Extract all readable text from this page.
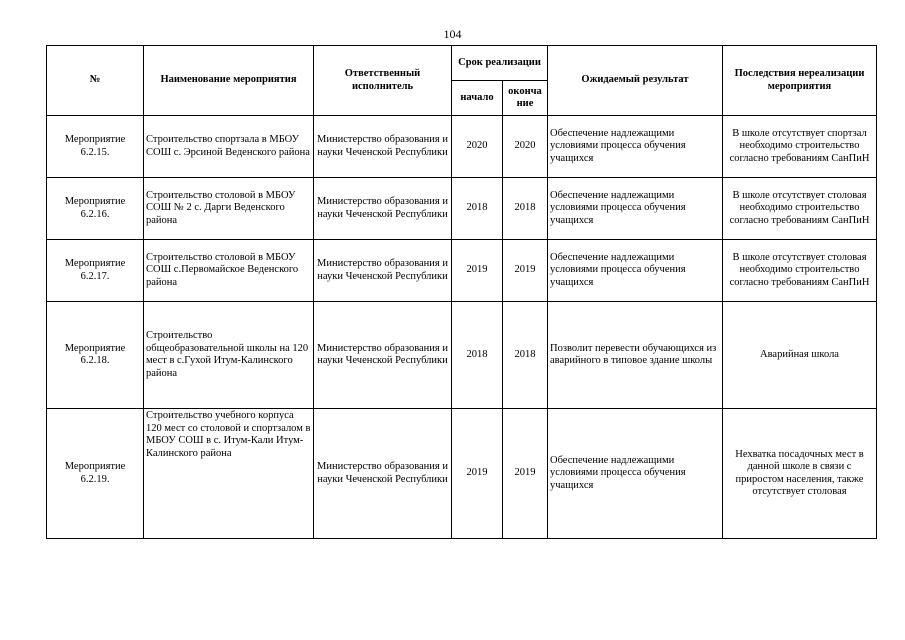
104
№	Наименование мероприятия	Ответственный исполнитель	Срок реализации		Ожидаемый результат	Последствия нереализации мероприятия
			начало	оконча ние		
Мероприятие 6.2.15.	Строительство спортзала в МБОУ СОШ с. Эрсиной Веденского района	Министерство образования и науки Чеченской Республики	2020	2020	Обеспечение надлежащими условиями процесса обучения учащихся	В школе отсутствует спортзал необходимо строительство согласно требованиям СанПиН
Мероприятие 6.2.16.	Строительство столовой в МБОУ СОШ № 2 с. Дарги Веденского района	Министерство образования и науки Чеченской Республики	2018	2018	Обеспечение надлежащими условиями процесса обучения учащихся	В школе отсутствует столовая необходимо строительство согласно требованиям СанПиН
Мероприятие 6.2.17.	Строительство столовой в МБОУ СОШ с.Первомайское Веденского района	Министерство образования и науки Чеченской Республики	2019	2019	Обеспечение надлежащими условиями процесса обучения учащихся	В школе отсутствует столовая необходимо строительство согласно требованиям СанПиН
Мероприятие 6.2.18.	Строительство общеобразовательной школы на 120 мест в с.Гухой Итум-Калинского района	Министерство образования и науки Чеченской Республики	2018	2018	Позволит перевести обучающихся из аварийного в типовое здание школы	Аварийная школа
Мероприятие 6.2.19.	Строительство учебного корпуса 120 мест со столовой и спортзалом в МБОУ СОШ в с. Итум-Кали Итум-Калинского района	Министерство образования и науки Чеченской Республики	2019	2019	Обеспечение надлежащими условиями процесса обучения учащихся	Нехватка посадочных мест в данной школе в связи с приростом населения, также отсутствует столовая
